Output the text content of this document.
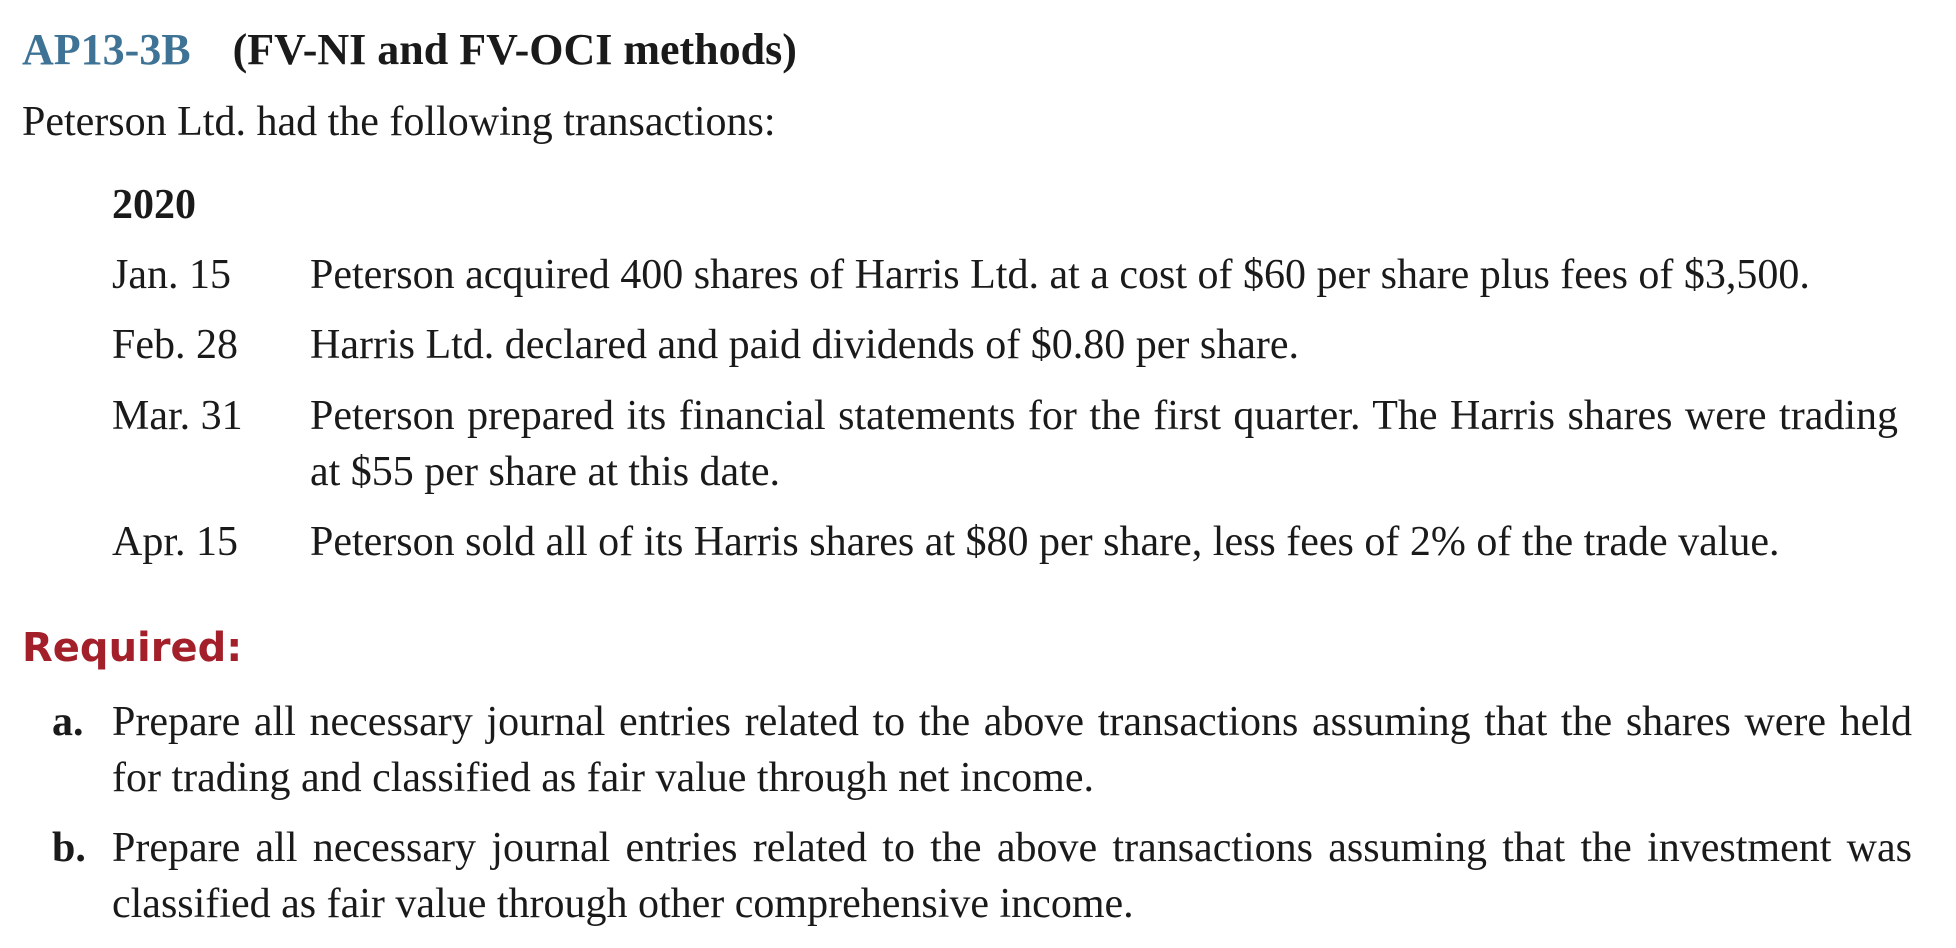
AP13-3B (FV-NI and FV-OCI methods)
Peterson Ltd. had the following transactions:
2020
Jan. 15	Peterson acquired 400 shares of Harris Ltd. at a cost of $60 per share plus fees of $3,500.
Feb. 28	Harris Ltd. declared and paid dividends of $0.80 per share.
Mar. 31	Peterson prepared its financial statements for the first quarter. The Harris shares were trading at $55 per share at this date.
Apr. 15	Peterson sold all of its Harris shares at $80 per share, less fees of 2% of the trade value.
Required:
a. Prepare all necessary journal entries related to the above transactions assuming that the shares were held for trading and classified as fair value through net income.
b. Prepare all necessary journal entries related to the above transactions assuming that the investment was classified as fair value through other comprehensive income.
